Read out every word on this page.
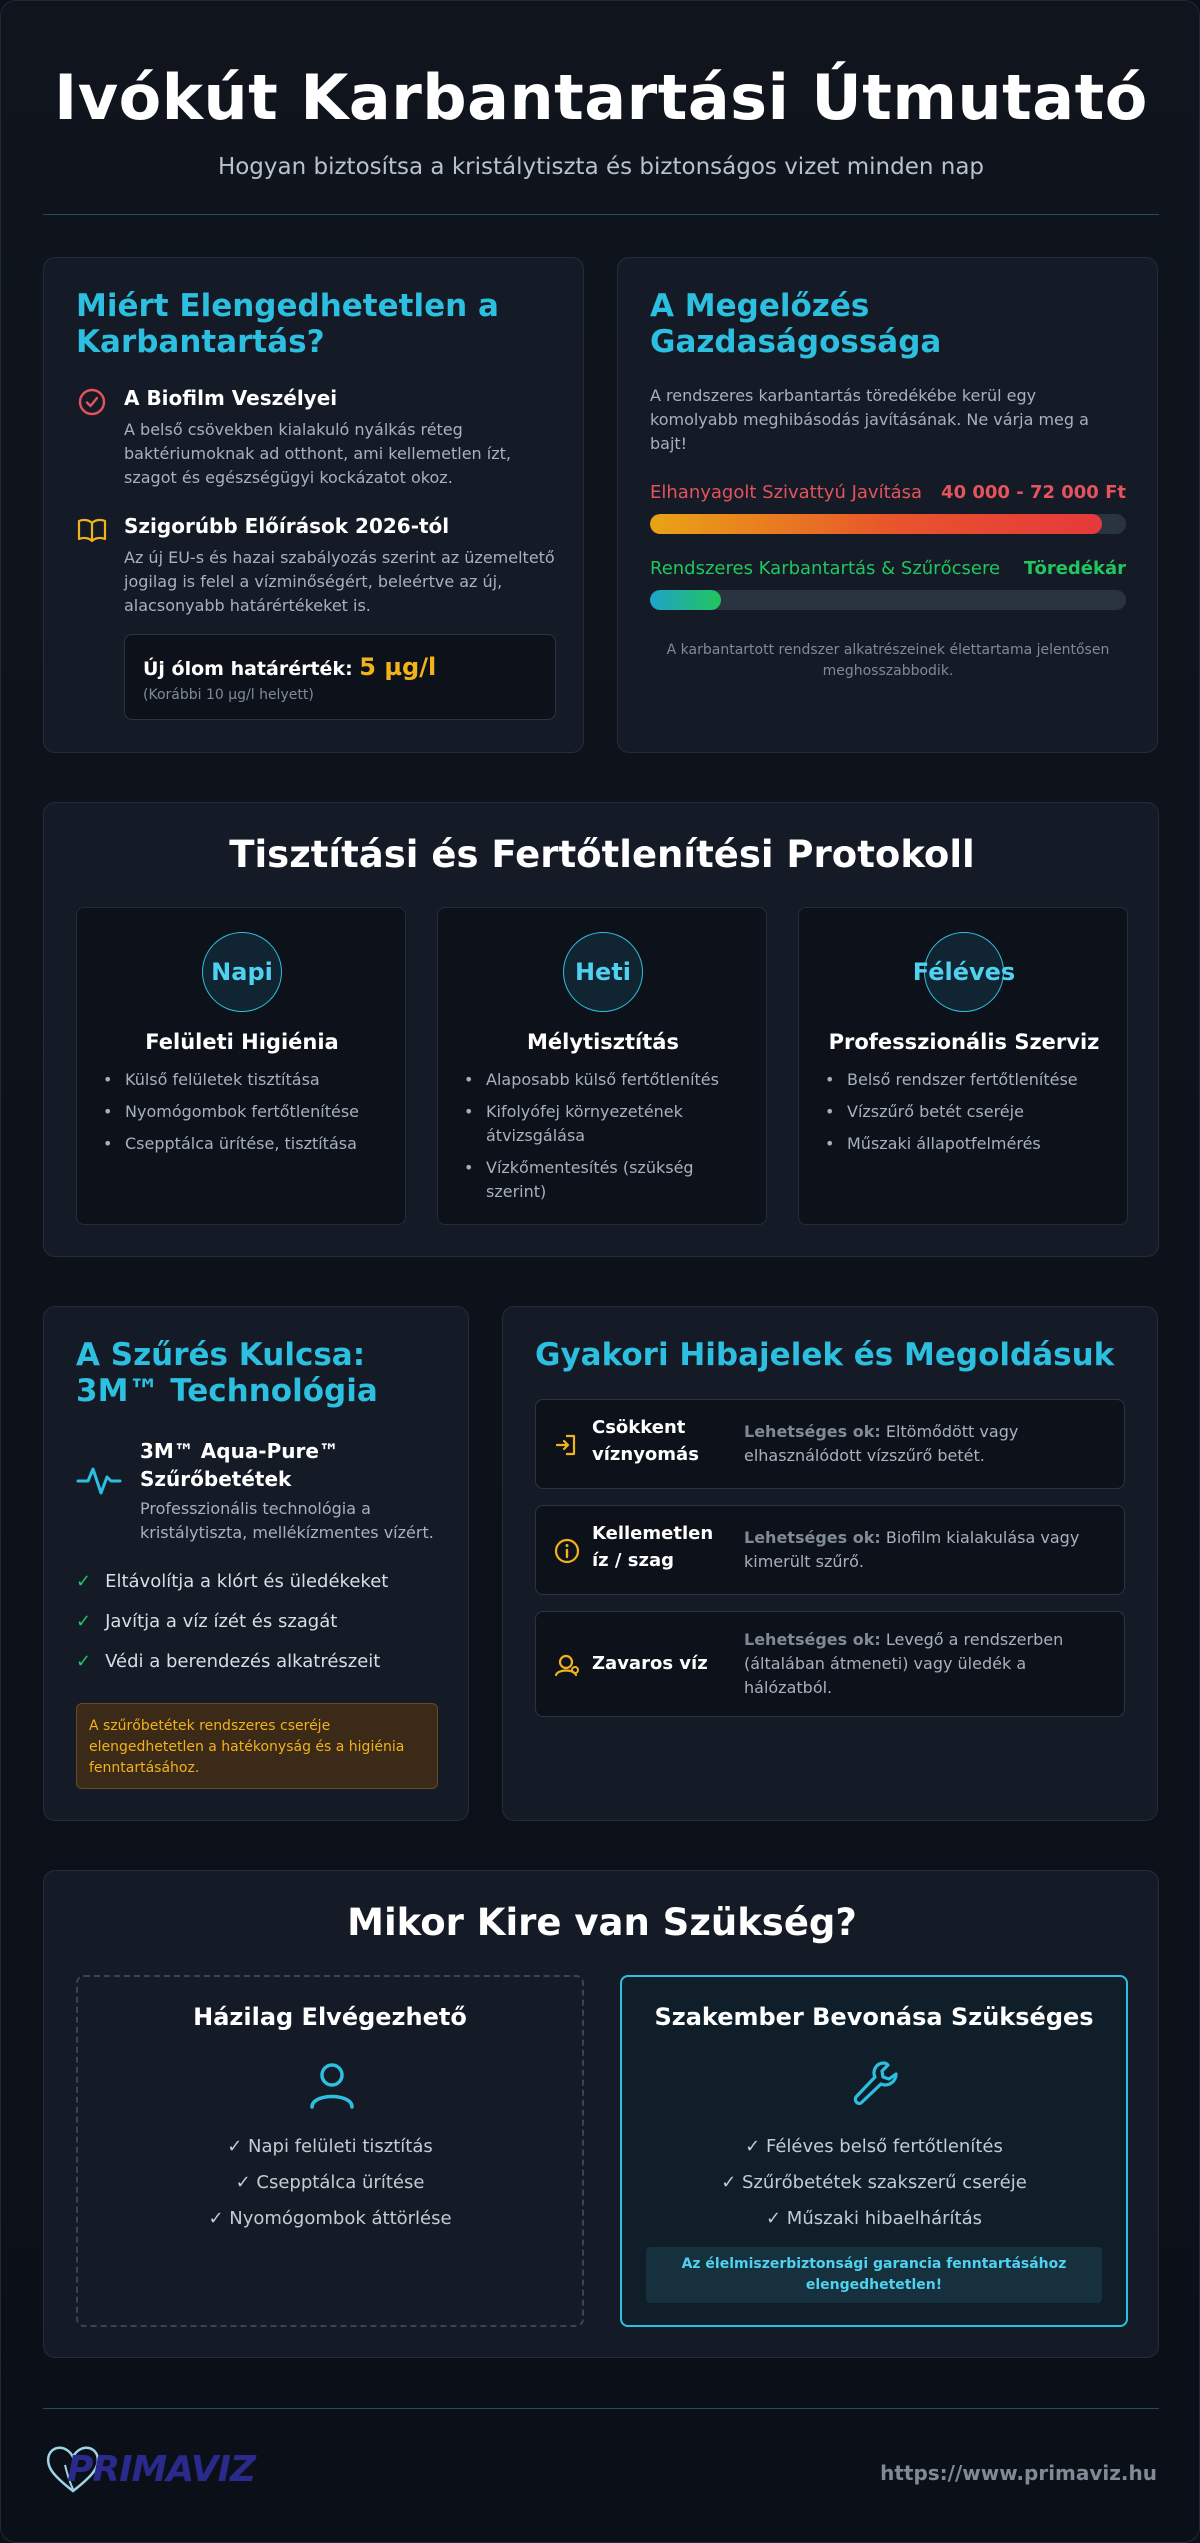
Ivókút Karbantartási Útmutató

Hogyan biztosítsa a kristálytiszta és biztonságos vizet minden nap

Miért Elengedhetetlen a Karbantartás?
A Biofilm Veszélyei

A belső csövekben kialakuló nyálkás réteg baktériumoknak ad otthont, ami kellemetlen ízt, szagot és egészségügyi kockázatot okoz.

Szigorúbb Előírások 2026-tól

Az új EU-s és hazai szabályozás szerint az üzemeltető jogilag is felel a vízminőségért, beleértve az új, alacsonyabb határértékeket is.

Új ólom határérték: 5 µg/l
(Korábbi 10 µg/l helyett)
A Megelőzés Gazdaságossága

A rendszeres karbantartás töredékébe kerül egy komolyabb meghibásodás javításának. Ne várja meg a bajt!

Elhanyagolt Szivattyú Javítása 40 000 - 72 000 Ft
Rendszeres Karbantartás & Szűrőcsere Töredékár

A karbantartott rendszer alkatrészeinek élettartama jelentősen meghosszabbodik.

Tisztítási és Fertőtlenítési Protokoll
Napi
Felületi Higiénia
• Külső felületek tisztítása
• Nyomógombok fertőtlenítése
• Csepptálca ürítése, tisztítása
Heti
Mélytisztítás
• Alaposabb külső fertőtlenítés
• Kifolyófej környezetének átvizsgálása
• Vízkőmentesítés (szükség szerint)
Féléves
Professzionális Szerviz
• Belső rendszer fertőtlenítése
• Vízszűrő betét cseréje
• Műszaki állapotfelmérés
A Szűrés Kulcsa: 3M™ Technológia
3M™ Aqua-Pure™ Szűrőbetétek

Professzionális technológia a kristálytiszta, mellékízmentes vízért.

✓ Eltávolítja a klórt és üledékeket
✓ Javítja a víz ízét és szagát
✓ Védi a berendezés alkatrészeit
A szűrőbetétek rendszeres cseréje elengedhetetlen a hatékonyság és a higiénia fenntartásához.
Gyakori Hibajelek és Megoldásuk
Csökkent víznyomás
Lehetséges ok: Eltömődött vagy elhasználódott vízszűrő betét.
Kellemetlen íz / szag
Lehetséges ok: Biofilm kialakulása vagy kimerült szűrő.
Zavaros víz
Lehetséges ok: Levegő a rendszerben (általában átmeneti) vagy üledék a hálózatból.
Mikor Kire van Szükség?
Házilag Elvégezhető
✓ Napi felületi tisztítás
✓ Csepptálca ürítése
✓ Nyomógombok áttörlése
Szakember Bevonása Szükséges
✓ Féléves belső fertőtlenítés
✓ Szűrőbetétek szakszerű cseréje
✓ Műszaki hibaelhárítás
Az élelmiszerbiztonsági garancia fenntartásához elengedhetetlen!
PRIMAVIZ	https://www.primaviz.hu
